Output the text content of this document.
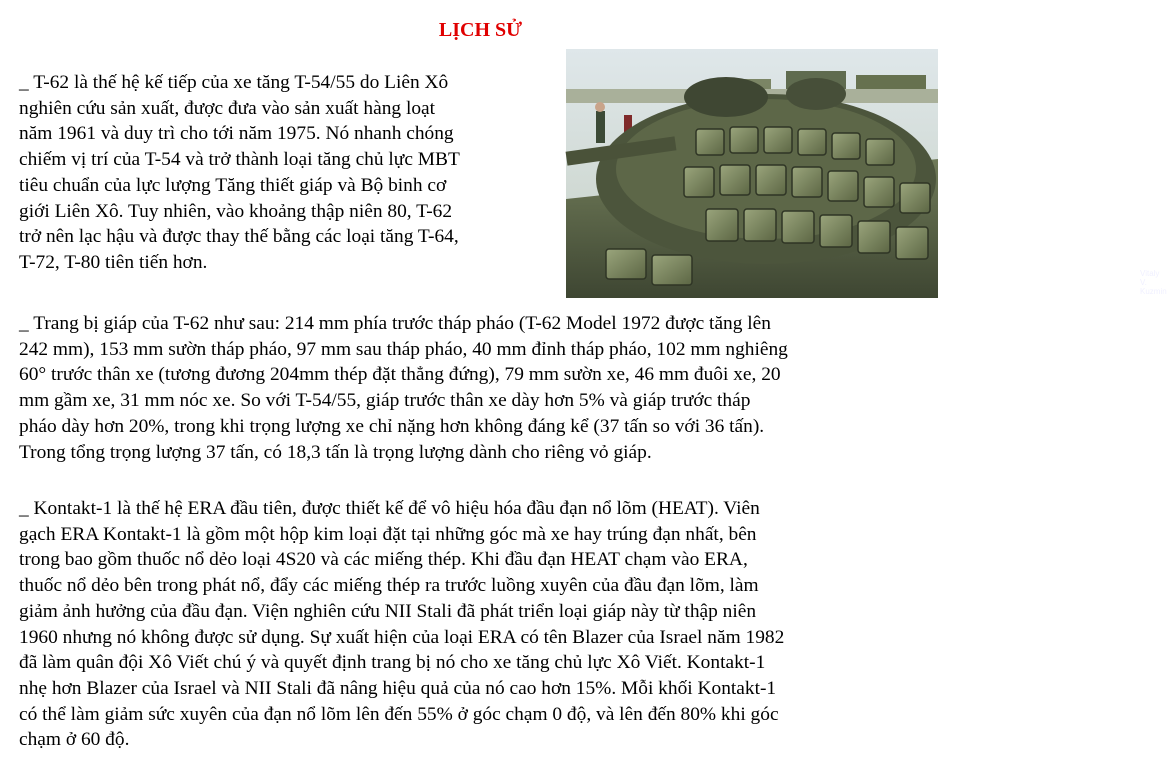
LỊCH SỬ
_ T-62 là thế hệ kế tiếp của xe tăng T-54/55 do Liên Xô
nghiên cứu sản xuất, được đưa vào sản xuất hàng loạt
năm 1961 và duy trì cho tới năm 1975. Nó nhanh chóng
chiếm vị trí của T-54 và trở thành loại tăng chủ lực MBT
tiêu chuẩn của lực lượng Tăng thiết giáp và Bộ binh cơ
giới Liên Xô. Tuy nhiên, vào khoảng thập niên 80, T-62
trở nên lạc hậu và được thay thế bằng các loại tăng T-64,
T-72, T-80 tiên tiến hơn.
Vitaly V. Kuzmin
_ Trang bị giáp của T-62 như sau: 214 mm phía trước tháp pháo (T-62 Model 1972 được tăng lên
242 mm), 153 mm sườn tháp pháo, 97 mm sau tháp pháo, 40 mm đỉnh tháp pháo, 102 mm nghiêng
60° trước thân xe (tương đương 204mm thép đặt thẳng đứng), 79 mm sườn xe, 46 mm đuôi xe, 20
mm gầm xe, 31 mm nóc xe. So với T-54/55, giáp trước thân xe dày hơn 5% và giáp trước tháp
pháo dày hơn 20%, trong khi trọng lượng xe chỉ nặng hơn không đáng kể (37 tấn so với 36 tấn).
Trong tổng trọng lượng 37 tấn, có 18,3 tấn là trọng lượng dành cho riêng vỏ giáp.
_ Kontakt-1 là thế hệ ERA đầu tiên, được thiết kế để vô hiệu hóa đầu đạn nổ lõm (HEAT). Viên
gạch ERA Kontakt-1 là gồm một hộp kim loại đặt tại những góc mà xe hay trúng đạn nhất, bên
trong bao gồm thuốc nổ dẻo loại 4S20 và các miếng thép. Khi đầu đạn HEAT chạm vào ERA,
thuốc nổ dẻo bên trong phát nổ, đẩy các miếng thép ra trước luồng xuyên của đầu đạn lõm, làm
giảm ảnh hưởng của đầu đạn. Viện nghiên cứu NII Stali đã phát triển loại giáp này từ thập niên
1960 nhưng nó không được sử dụng. Sự xuất hiện của loại ERA có tên Blazer của Israel năm 1982
đã làm quân đội Xô Viết chú ý và quyết định trang bị nó cho xe tăng chủ lực Xô Viết. Kontakt-1
nhẹ hơn Blazer của Israel và NII Stali đã nâng hiệu quả của nó cao hơn 15%. Mỗi khối Kontakt-1
có thể làm giảm sức xuyên của đạn nổ lõm lên đến 55% ở góc chạm 0 độ, và lên đến 80% khi góc
chạm ở 60 độ.
